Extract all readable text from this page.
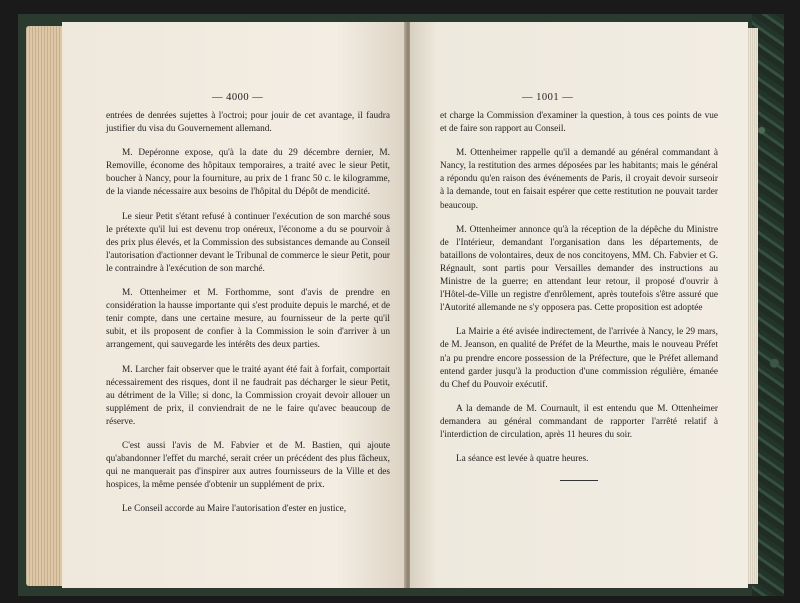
— 4000 —

entrées de denrées sujettes à l'octroi; pour jouir de cet avantage, il faudra justifier du visa du Gouvernement allemand.

M. Depéronne expose, qu'à la date du 29 décembre dernier, M. Removille, économe des hôpitaux temporaires, a traité avec le sieur Petit, boucher à Nancy, pour la fourniture, au prix de 1 franc 50 c. le kilogramme, de la viande nécessaire aux besoins de l'hôpital du Dépôt de mendicité.

Le sieur Petit s'étant refusé à continuer l'exécution de son marché sous le prétexte qu'il lui est devenu trop onéreux, l'économe a du se pourvoir à des prix plus élevés, et la Commission des subsistances demande au Conseil l'autorisation d'actionner devant le Tribunal de commerce le sieur Petit, pour le contraindre à l'exécution de son marché.

M. Ottenheimer et M. Forthomme, sont d'avis de prendre en considération la hausse importante qui s'est produite depuis le marché, et de tenir compte, dans une certaine mesure, au fournisseur de la perte qu'il subit, et ils proposent de confier à la Commission le soin d'arriver à un arrangement, qui sauvegarde les intérêts des deux parties.

M. Larcher fait observer que le traité ayant été fait à forfait, comportait nécessairement des risques, dont il ne faudrait pas décharger le sieur Petit, au détriment de la Ville; si donc, la Commission croyait devoir allouer un supplément de prix, il conviendrait de ne le faire qu'avec beaucoup de réserve.

C'est aussi l'avis de M. Fabvier et de M. Bastien, qui ajoute qu'abandonner l'effet du marché, serait créer un précédent des plus fâcheux, qui ne manquerait pas d'inspirer aux autres fournisseurs de la Ville et des hospices, la même pensée d'obtenir un supplément de prix.

Le Conseil accorde au Maire l'autorisation d'ester en justice,

— 1001 —

et charge la Commission d'examiner la question, à tous ces points de vue et de faire son rapport au Conseil.

M. Ottenheimer rappelle qu'il a demandé au général commandant à Nancy, la restitution des armes déposées par les habitants; mais le général a répondu qu'en raison des événements de Paris, il croyait devoir surseoir à la demande, tout en faisait espérer que cette restitution ne pouvait tarder beaucoup.

M. Ottenheimer annonce qu'à la réception de la dépêche du Ministre de l'Intérieur, demandant l'organisation dans les départements, de bataillons de volontaires, deux de nos concitoyens, MM. Ch. Fabvier et G. Régnault, sont partis pour Versailles demander des instructions au Ministre de la guerre; en attendant leur retour, il proposé d'ouvrir à l'Hôtel-de-Ville un registre d'enrôlement, après toutefois s'être assuré que l'Autorité allemande ne s'y opposera pas. Cette proposition est adoptée

La Mairie a été avisée indirectement, de l'arrivée à Nancy, le 29 mars, de M. Jeanson, en qualité de Préfet de la Meurthe, mais le nouveau Préfet n'a pu prendre encore possession de la Préfecture, que le Préfet allemand entend garder jusqu'à la production d'une commission régulière, émanée du Chef du Pouvoir exécutif.

A la demande de M. Cournault, il est entendu que M. Ottenheimer demandera au général commandant de rapporter l'arrêté relatif à l'interdiction de circulation, après 11 heures du soir.

La séance est levée à quatre heures.
